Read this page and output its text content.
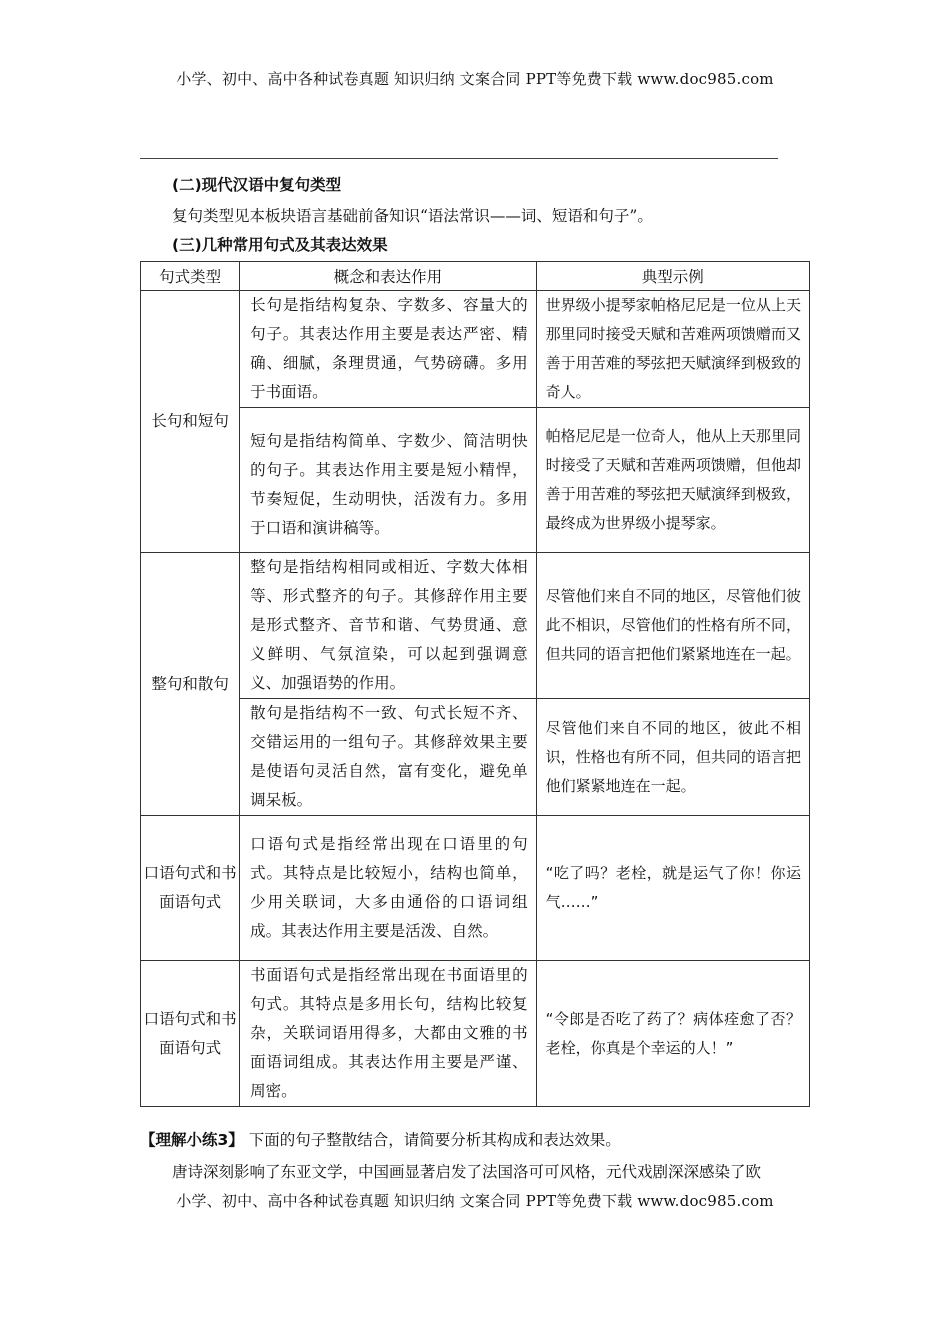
小学、初中、高中各种试卷真题 知识归纳 文案合同 PPT等免费下载 www.doc985.com
(二)现代汉语中复句类型
复句类型见本板块语言基础前备知识“语法常识——词、短语和句子”。
(三)几种常用句式及其表达效果
句式类型	概念和表达作用	典型示例
长句和短句	长句是指结构复杂、字数多、容量大的句子。其表达作用主要是表达严密、精确、细腻，条理贯通，气势磅礴。多用于书面语。	世界级小提琴家帕格尼尼是一位从上天那里同时接受天赋和苦难两项馈赠而又善于用苦难的琴弦把天赋演绎到极致的奇人。
	短句是指结构简单、字数少、简洁明快的句子。其表达作用主要是短小精悍，节奏短促，生动明快，活泼有力。多用于口语和演讲稿等。	帕格尼尼是一位奇人，他从上天那里同时接受了天赋和苦难两项馈赠，但他却善于用苦难的琴弦把天赋演绎到极致，最终成为世界级小提琴家。
整句和散句	整句是指结构相同或相近、字数大体相等、形式整齐的句子。其修辞作用主要是形式整齐、音节和谐、气势贯通、意义鲜明、气氛渲染，可以起到强调意义、加强语势的作用。	尽管他们来自不同的地区，尽管他们彼此不相识，尽管他们的性格有所不同，但共同的语言把他们紧紧地连在一起。
	散句是指结构不一致、句式长短不齐、交错运用的一组句子。其修辞效果主要是使语句灵活自然，富有变化，避免单调呆板。	尽管他们来自不同的地区，彼此不相识，性格也有所不同，但共同的语言把他们紧紧地连在一起。
口语句式和书面语句式	口语句式是指经常出现在口语里的句式。其特点是比较短小，结构也简单，少用关联词，大多由通俗的口语词组成。其表达作用主要是活泼、自然。	“吃了吗？老栓，就是运气了你！你运气……”
口语句式和书面语句式	书面语句式是指经常出现在书面语里的句式。其特点是多用长句，结构比较复杂，关联词语用得多，大都由文雅的书面语词组成。其表达作用主要是严谨、周密。	“令郎是否吃了药了？病体痊愈了否？老栓，你真是个幸运的人！”
【理解小练3】 下面的句子整散结合，请简要分析其构成和表达效果。
唐诗深刻影响了东亚文学，中国画显著启发了法国洛可可风格，元代戏剧深深感染了欧
小学、初中、高中各种试卷真题 知识归纳 文案合同 PPT等免费下载 www.doc985.com
